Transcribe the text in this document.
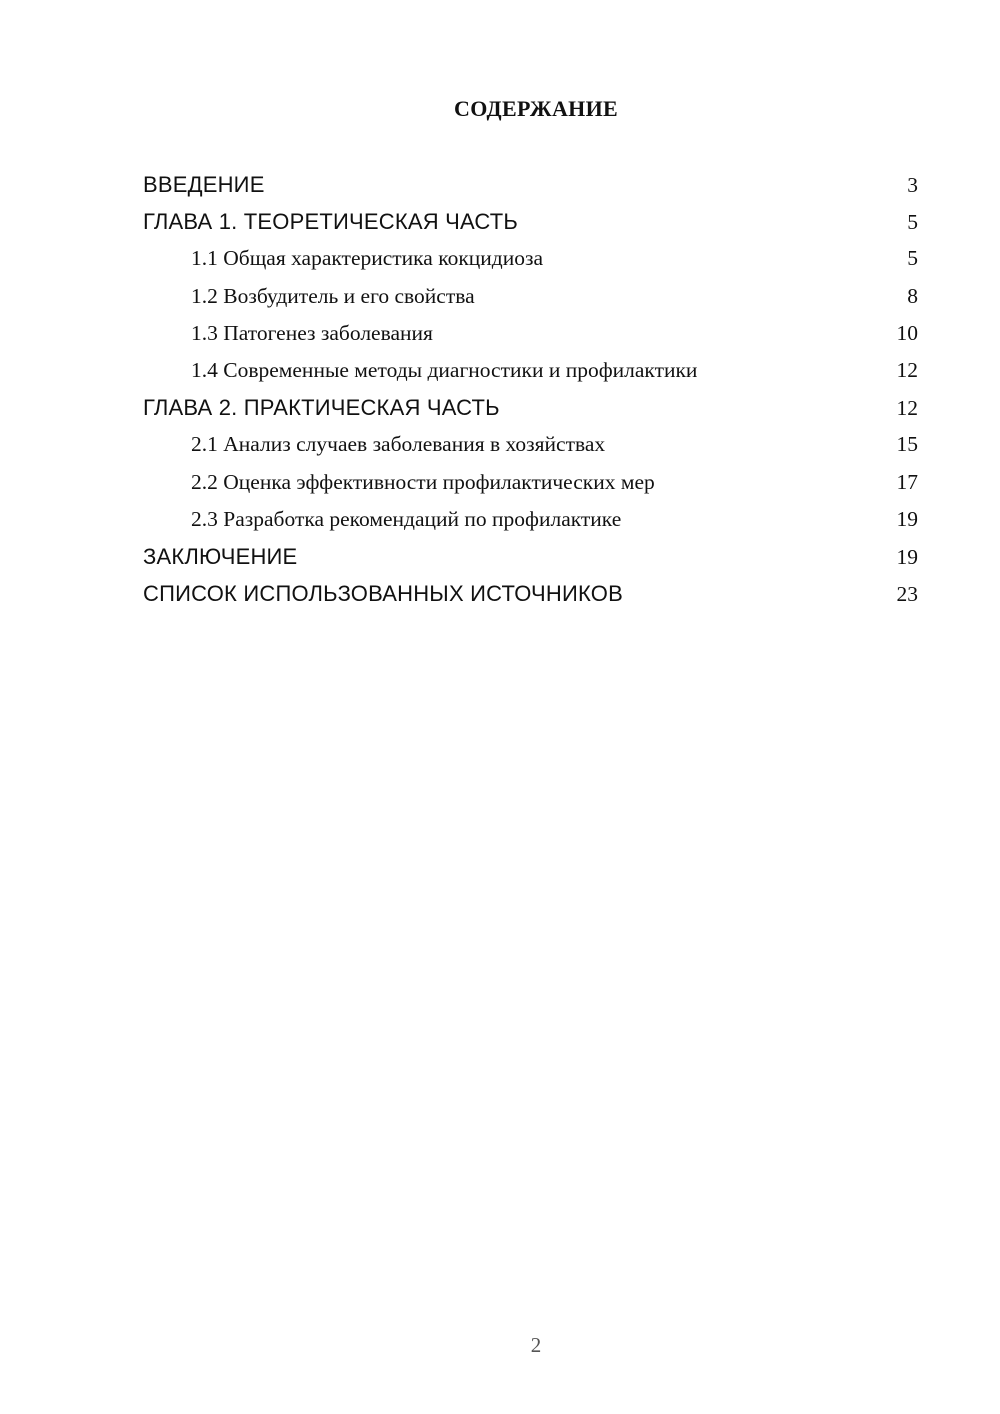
СОДЕРЖАНИЕ
ВВЕДЕНИЕ	3
ГЛАВА 1. ТЕОРЕТИЧЕСКАЯ ЧАСТЬ	5
1.1 Общая характеристика кокцидиоза	5
1.2 Возбудитель и его свойства	8
1.3 Патогенез заболевания	10
1.4 Современные методы диагностики и профилактики	12
ГЛАВА 2. ПРАКТИЧЕСКАЯ ЧАСТЬ	12
2.1 Анализ случаев заболевания в хозяйствах	15
2.2 Оценка эффективности профилактических мер	17
2.3 Разработка рекомендаций по профилактике	19
ЗАКЛЮЧЕНИЕ	19
СПИСОК ИСПОЛЬЗОВАННЫХ ИСТОЧНИКОВ	23
2
